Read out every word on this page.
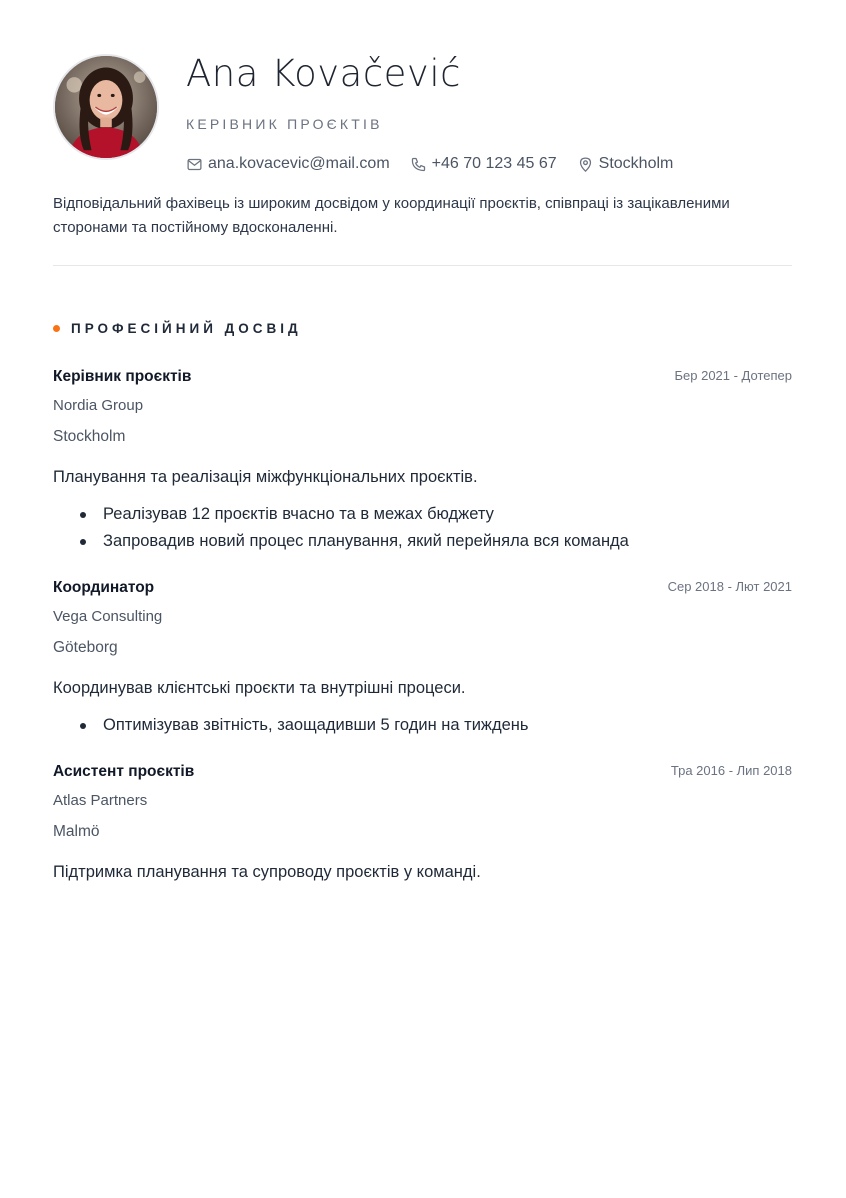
Ana Kovačević
КЕРІВНИК ПРОЄКТІВ
ana.kovacevic@mail.com	+46 70 123 45 67	Stockholm

Відповідальний фахівець із широким досвідом у координації проєктів, співпраці із зацікавленими сторонами та постійному вдосконаленні.

ПРОФЕСІЙНИЙ ДОСВІД
Керівник проєктів	Бер 2021 - Дотепер
Nordia Group
Stockholm
Планування та реалізація міжфункціональних проєктів.
Реалізував 12 проєктів вчасно та в межах бюджету
Запровадив новий процес планування, який перейняла вся команда
Координатор	Сер 2018 - Лют 2021
Vega Consulting
Göteborg
Координував клієнтські проєкти та внутрішні процеси.
Оптимізував звітність, заощадивши 5 годин на тиждень
Асистент проєктів	Тра 2016 - Лип 2018
Atlas Partners
Malmö
Підтримка планування та супроводу проєктів у команді.
